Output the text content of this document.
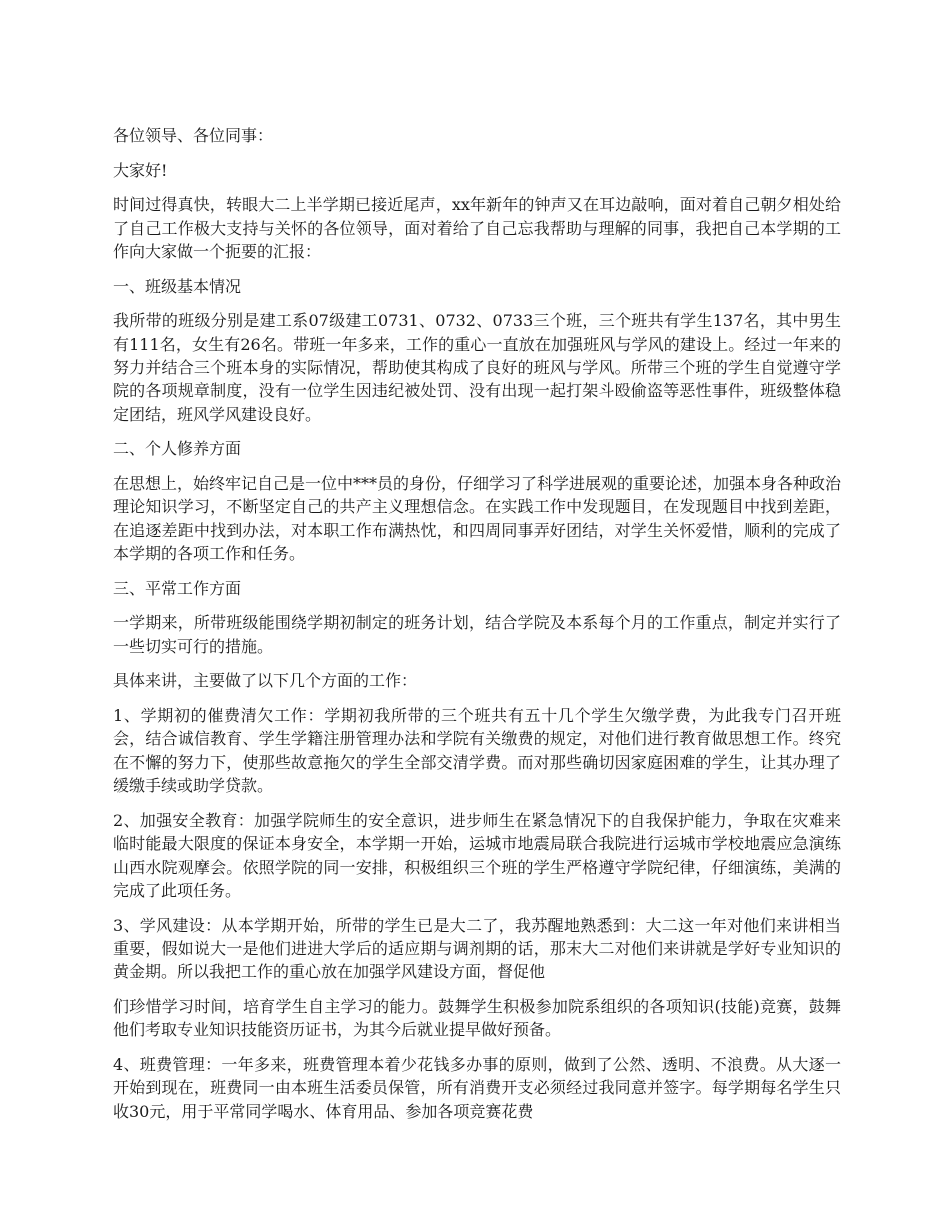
各位领导、各位同事：

大家好!

时间过得真快，转眼大二上半学期已接近尾声，xx年新年的钟声又在耳边敲响，面对着自己朝夕相处给了自己工作极大支持与关怀的各位领导，面对着给了自己忘我帮助与理解的同事，我把自己本学期的工作向大家做一个扼要的汇报：

一、班级基本情况

我所带的班级分别是建工系07级建工0731、0732、0733三个班，三个班共有学生137名，其中男生有111名，女生有26名。带班一年多来，工作的重心一直放在加强班风与学风的建设上。经过一年来的努力并结合三个班本身的实际情况，帮助使其构成了良好的班风与学风。所带三个班的学生自觉遵守学院的各项规章制度，没有一位学生因违纪被处罚、没有出现一起打架斗殴偷盗等恶性事件，班级整体稳定团结，班风学风建设良好。

二、个人修养方面

在思想上，始终牢记自己是一位中***员的身份，仔细学习了科学进展观的重要论述，加强本身各种政治理论知识学习，不断坚定自己的共产主义理想信念。在实践工作中发现题目，在发现题目中找到差距，在追逐差距中找到办法，对本职工作布满热忱，和四周同事弄好团结，对学生关怀爱惜，顺利的完成了本学期的各项工作和任务。

三、平常工作方面

一学期来，所带班级能围绕学期初制定的班务计划，结合学院及本系每个月的工作重点，制定并实行了一些切实可行的措施。

具体来讲，主要做了以下几个方面的工作：

1、学期初的催费清欠工作：学期初我所带的三个班共有五十几个学生欠缴学费，为此我专门召开班会，结合诚信教育、学生学籍注册管理办法和学院有关缴费的规定，对他们进行教育做思想工作。终究在不懈的努力下，使那些故意拖欠的学生全部交清学费。而对那些确切因家庭困难的学生，让其办理了缓缴手续或助学贷款。

2、加强安全教育：加强学院师生的安全意识，进步师生在紧急情况下的自我保护能力，争取在灾难来临时能最大限度的保证本身安全，本学期一开始，运城市地震局联合我院进行运城市学校地震应急演练山西水院观摩会。依照学院的同一安排，积极组织三个班的学生严格遵守学院纪律，仔细演练，美满的完成了此项任务。

3、学风建设：从本学期开始，所带的学生已是大二了，我苏醒地熟悉到：大二这一年对他们来讲相当重要，假如说大一是他们进进大学后的适应期与调剂期的话，那末大二对他们来讲就是学好专业知识的黄金期。所以我把工作的重心放在加强学风建设方面，督促他

们珍惜学习时间，培育学生自主学习的能力。鼓舞学生积极参加院系组织的各项知识(技能)竞赛，鼓舞他们考取专业知识技能资历证书，为其今后就业提早做好预备。

4、班费管理：一年多来，班费管理本着少花钱多办事的原则，做到了公然、透明、不浪费。从大逐一开始到现在，班费同一由本班生活委员保管，所有消费开支必须经过我同意并签字。每学期每名学生只收30元，用于平常同学喝水、体育用品、参加各项竞赛花费
